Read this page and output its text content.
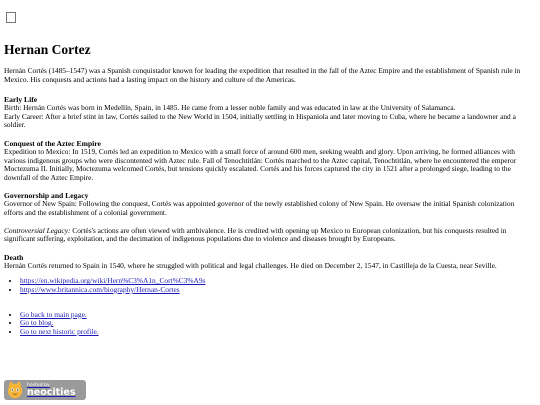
Hernan Cortez

Hernán Cortés (1485–1547) was a Spanish conquistador known for leading the expedition that resulted in the fall of the Aztec Empire and the establishment of Spanish rule in Mexico. His conquests and actions had a lasting impact on the history and culture of the Americas.

Early Life

Birth: Hernán Cortés was born in Medellín, Spain, in 1485. He came from a lesser noble family and was educated in law at the University of Salamanca.

Early Career: After a brief stint in law, Cortés sailed to the New World in 1504, initially settling in Hispaniola and later moving to Cuba, where he became a landowner and a soldier.

Conquest of the Aztec Empire

Expedition to Mexico: In 1519, Cortés led an expedition to Mexico with a small force of around 600 men, seeking wealth and glory. Upon arriving, he formed alliances with various indigenous groups who were discontented with Aztec rule. Fall of Tenochtitlán: Cortés marched to the Aztec capital, Tenochtitlán, where he encountered the emperor Moctezuma II. Initially, Moctezuma welcomed Cortés, but tensions quickly escalated. Cortés and his forces captured the city in 1521 after a prolonged siege, leading to the downfall of the Aztec Empire.

Governorship and Legacy

Governor of New Spain: Following the conquest, Cortés was appointed governor of the newly established colony of New Spain. He oversaw the initial Spanish colonization efforts and the establishment of a colonial government.

Controversial Legacy: Cortés's actions are often viewed with ambivalence. He is credited with opening up Mexico to European colonization, but his conquests resulted in significant suffering, exploitation, and the decimation of indigenous populations due to violence and diseases brought by Europeans.

Death

Hernán Cortés returned to Spain in 1540, where he struggled with political and legal challenges. He died on December 2, 1547, in Castilleja de la Cuesta, near Seville.

• https://en.wikipedia.org/wiki/Hern%C3%A1n_Cort%C3%A9s
• https://www.britannica.com/biography/Hernan-Cortes
• Go back to main page.
• Go to blog.
• Go to next historic profile.
hosted by
neocities
